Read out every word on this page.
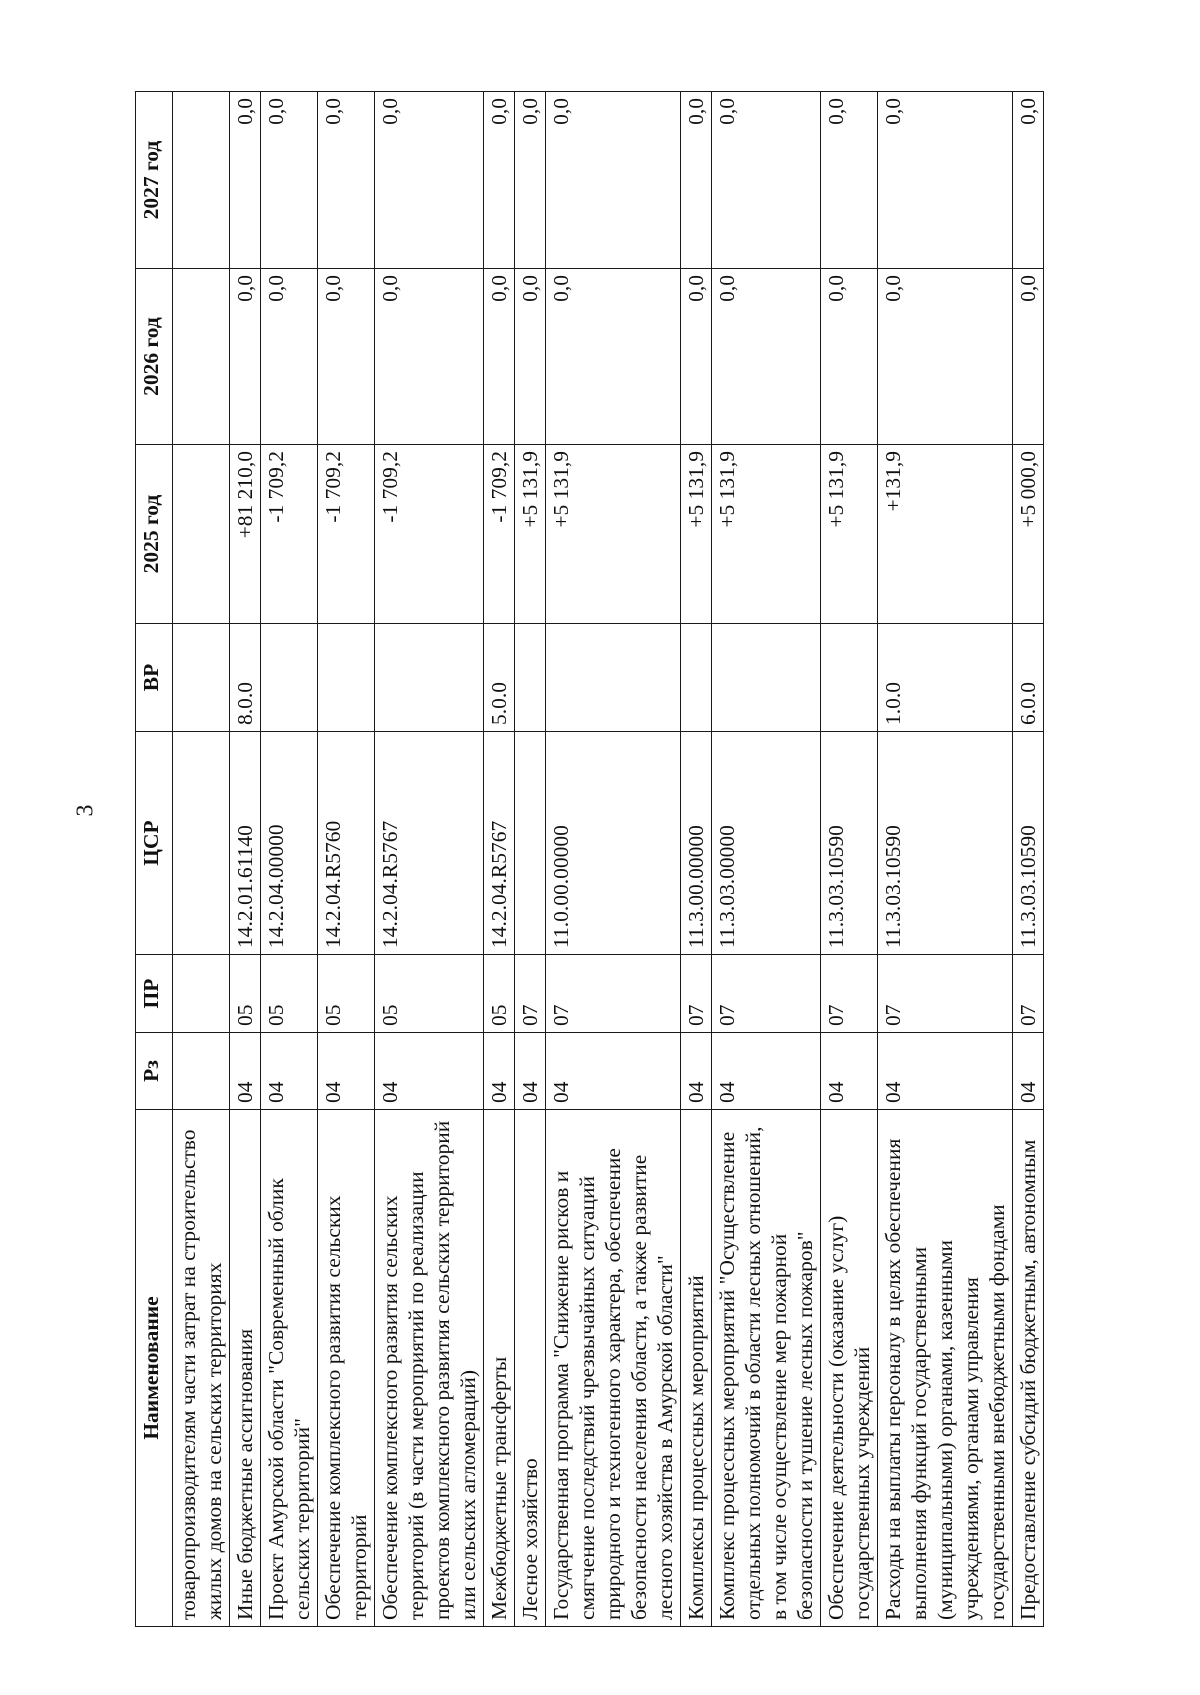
3
Наименование	Рз	ПР	ЦСР	ВР	2025 год	2026 год	2027 год
товаропроизводителям части затрат на строительство жилых домов на сельских территориях							
Иные бюджетные ассигнования	04	05	14.2.01.61140	8.0.0	+81 210,0	0,0	0,0
Проект Амурской области "Современный облик сельских территорий"	04	05	14.2.04.00000		-1 709,2	0,0	0,0
Обеспечение комплексного развития сельских территорий	04	05	14.2.04.R5760		-1 709,2	0,0	0,0
Обеспечение комплексного развития сельских территорий (в части мероприятий по реализации проектов комплексного развития сельских территорий или сельских агломераций)	04	05	14.2.04.R5767		-1 709,2	0,0	0,0
Межбюджетные трансферты	04	05	14.2.04.R5767	5.0.0	-1 709,2	0,0	0,0
Лесное хозяйство	04	07			+5 131,9	0,0	0,0
Государственная программа "Снижение рисков и смягчение последствий чрезвычайных ситуаций природного и техногенного характера, обеспечение безопасности населения области, а также развитие лесного хозяйства в Амурской области"	04	07	11.0.00.00000		+5 131,9	0,0	0,0
Комплексы процессных мероприятий	04	07	11.3.00.00000		+5 131,9	0,0	0,0
Комплекс процессных мероприятий "Осуществление отдельных полномочий в области лесных отношений, в том числе осуществление мер пожарной безопасности и тушение лесных пожаров"	04	07	11.3.03.00000		+5 131,9	0,0	0,0
Обеспечение деятельности (оказание услуг) государственных учреждений	04	07	11.3.03.10590		+5 131,9	0,0	0,0
Расходы на выплаты персоналу в целях обеспечения выполнения функций государственными (муниципальными) органами, казенными учреждениями, органами управления государственными внебюджетными фондами	04	07	11.3.03.10590	1.0.0	+131,9	0,0	0,0
Предоставление субсидий бюджетным, автономным	04	07	11.3.03.10590	6.0.0	+5 000,0	0,0	0,0
